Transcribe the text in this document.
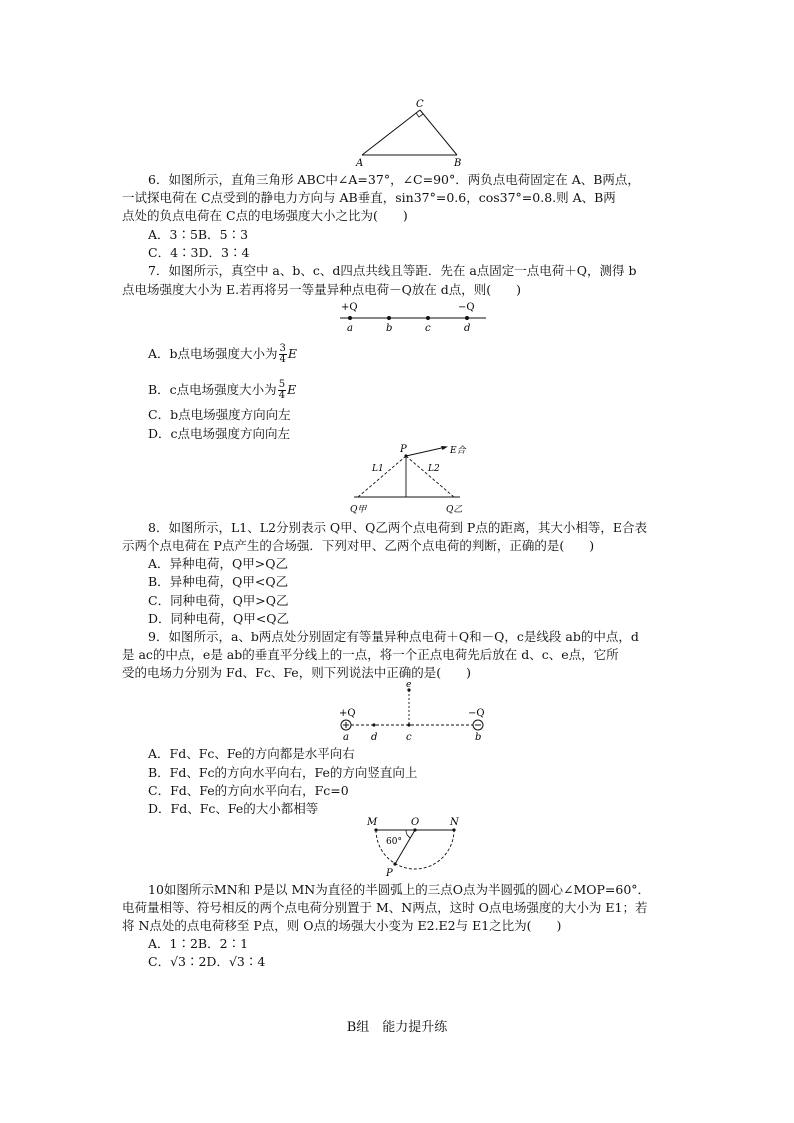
C
A	B
6．如图所示，直角三角形 ABC中∠A=37°，∠C=90°．两负点电荷固定在 A、B两点，
一试探电荷在 C点受到的静电力方向与 AB垂直，sin37°=0.6，cos37°=0.8.则 A、B两
点处的负点电荷在 C点的电场强度大小之比为(　　)
A．3∶5B．5∶3
C．4∶3D．3∶4
7．如图所示，真空中 a、b、c、d四点共线且等距．先在 a点固定一点电荷＋Q，测得 b
点电场强度大小为 E.若再将另一等量异种点电荷－Q放在 d点，则(　　)
+Q	−Q
a	b	c	d
A．b点电场强度大小为 $\frac{3}{4}$ E
B．c点电场强度大小为 $\frac{5}{4}$ E
C．b点电场强度方向向左
D．c点电场强度方向向左
P	E合
L1	L2
Q甲	Q乙
8．如图所示，L1、L2分别表示 Q甲、Q乙两个点电荷到 P点的距离，其大小相等，E合表
示两个点电荷在 P点产生的合场强．下列对甲、乙两个点电荷的判断，正确的是(　　)
A．异种电荷，Q甲>Q乙
B．异种电荷，Q甲<Q乙
C．同种电荷，Q甲>Q乙
D．同种电荷，Q甲<Q乙
9．如图所示，a、b两点处分别固定有等量异种点电荷＋Q和－Q，c是线段 ab的中点，d
是 ac的中点，e是 ab的垂直平分线上的一点，将一个正点电荷先后放在 d、c、e点，它所
受的电场力分别为 Fd、Fc、Fe，则下列说法中正确的是(　　)
+Q	−Q
e
a d	c	b
A．Fd、Fc、Fe的方向都是水平向右
B．Fd、Fc的方向水平向右，Fe的方向竖直向上
C．Fd、Fe的方向水平向右，Fc=0
D．Fd、Fc、Fe的大小都相等
M	O	N
P
60°
10如图所示MN和 P是以 MN为直径的半圆弧上的三点O点为半圆弧的圆心∠MOP=60°．
电荷量相等、符号相反的两个点电荷分别置于 M、N两点，这时 O点电场强度的大小为 E1；若
将 N点处的点电荷移至 P点，则 O点的场强大小变为 E2.E2与 E1之比为(　　)
A．1∶2B．2∶1
C．√3∶2D．√3∶4
B组　能力提升练
